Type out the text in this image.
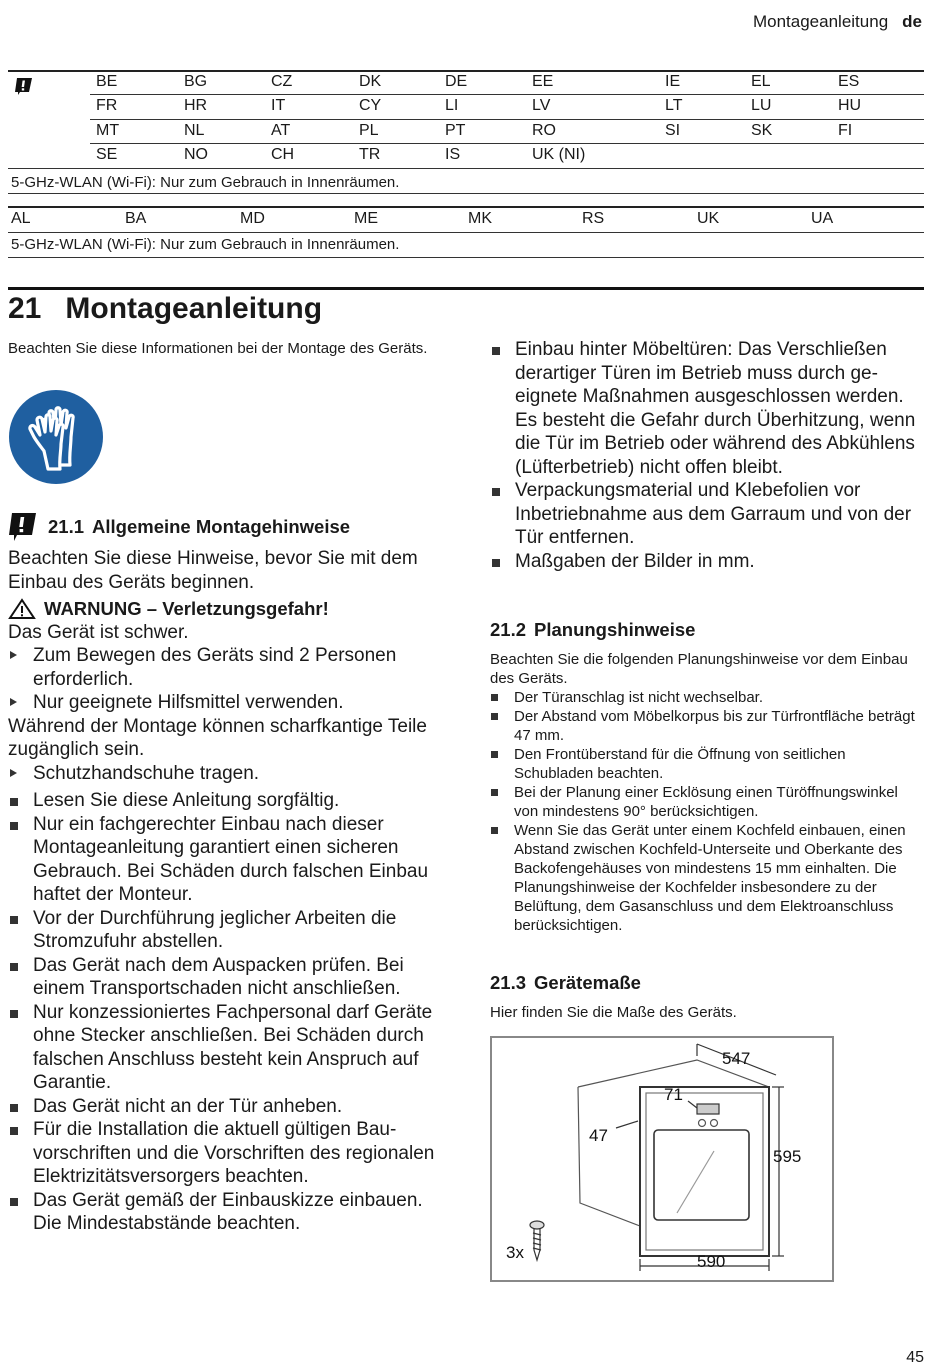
Montageanleitung de
BE	BG	CZ	DK	DE	EE	IE	EL	ES
FR	HR	IT	CY	LI	LV	LT	LU	HU
MT	NL	AT	PL	PT	RO	SI	SK	FI
SE	NO	CH	TR	IS	UK (NI)
5-GHz-WLAN (Wi-Fi): Nur zum Gebrauch in Innenräumen.
AL	BA	MD	ME	MK	RS	UK	UA
5-GHz-WLAN (Wi-Fi): Nur zum Gebrauch in Innenräumen.
21 Montageanleitung
Beachten Sie diese Informationen bei der Montage des Geräts.
21.1 Allgemeine Montagehinweise
Beachten Sie diese Hinweise, bevor Sie mit dem Einbau des Geräts beginnen.
WARNUNG – Verletzungsgefahr!
Das Gerät ist schwer.
Zum Bewegen des Geräts sind 2 Personen erforderlich.
Nur geeignete Hilfsmittel verwenden.
Während der Montage können scharfkantige Teile zugänglich sein.
Schutzhandschuhe tragen.
Lesen Sie diese Anleitung sorgfältig.
Nur ein fachgerechter Einbau nach dieser Montageanleitung garantiert einen sicheren Gebrauch. Bei Schäden durch falschen Einbau haftet der Monteur.
Vor der Durchführung jeglicher Arbeiten die Stromzufuhr abstellen.
Das Gerät nach dem Auspacken prüfen. Bei einem Transportschaden nicht anschließen.
Nur konzessioniertes Fachpersonal darf Geräte ohne Stecker anschließen. Bei Schäden durch falschen Anschluss besteht kein Anspruch auf Garantie.
Das Gerät nicht an der Tür anheben.
Für die Installation die aktuell gültigen Bauvorschriften und die Vorschriften des regionalen Elektrizitätsversorgers beachten.
Das Gerät gemäß der Einbauskizze einbauen. Die Mindestabstände beachten.
Einbau hinter Möbeltüren: Das Verschließen derartiger Türen im Betrieb muss durch geeignete Maßnahmen ausgeschlossen werden. Es besteht die Gefahr durch Überhitzung, wenn die Tür im Betrieb oder während des Abkühlens (Lüfterbetrieb) nicht offen bleibt.
Verpackungsmaterial und Klebefolien vor Inbetriebnahme aus dem Garraum und von der Tür entfernen.
Maßgaben der Bilder in mm.
21.2 Planungshinweise
Beachten Sie die folgenden Planungshinweise vor dem Einbau des Geräts.
Der Türanschlag ist nicht wechselbar.
Der Abstand vom Möbelkorpus bis zur Türfrontfläche beträgt 47 mm.
Den Frontüberstand für die Öffnung von seitlichen Schubladen beachten.
Bei der Planung einer Ecklösung einen Türöffnungswinkel von mindestens 90° berücksichtigen.
Wenn Sie das Gerät unter einem Kochfeld einbauen, einen Abstand zwischen Kochfeld-Unterseite und Oberkante des Backofengehäuses von mindestens 15 mm einhalten. Die Planungshinweise der Kochfelder insbesondere zu der Belüftung, dem Gasanschluss und dem Elektroanschluss berücksichtigen.
21.3 Gerätemaße
Hier finden Sie die Maße des Geräts.
547
595
590
71
47
3x
45
